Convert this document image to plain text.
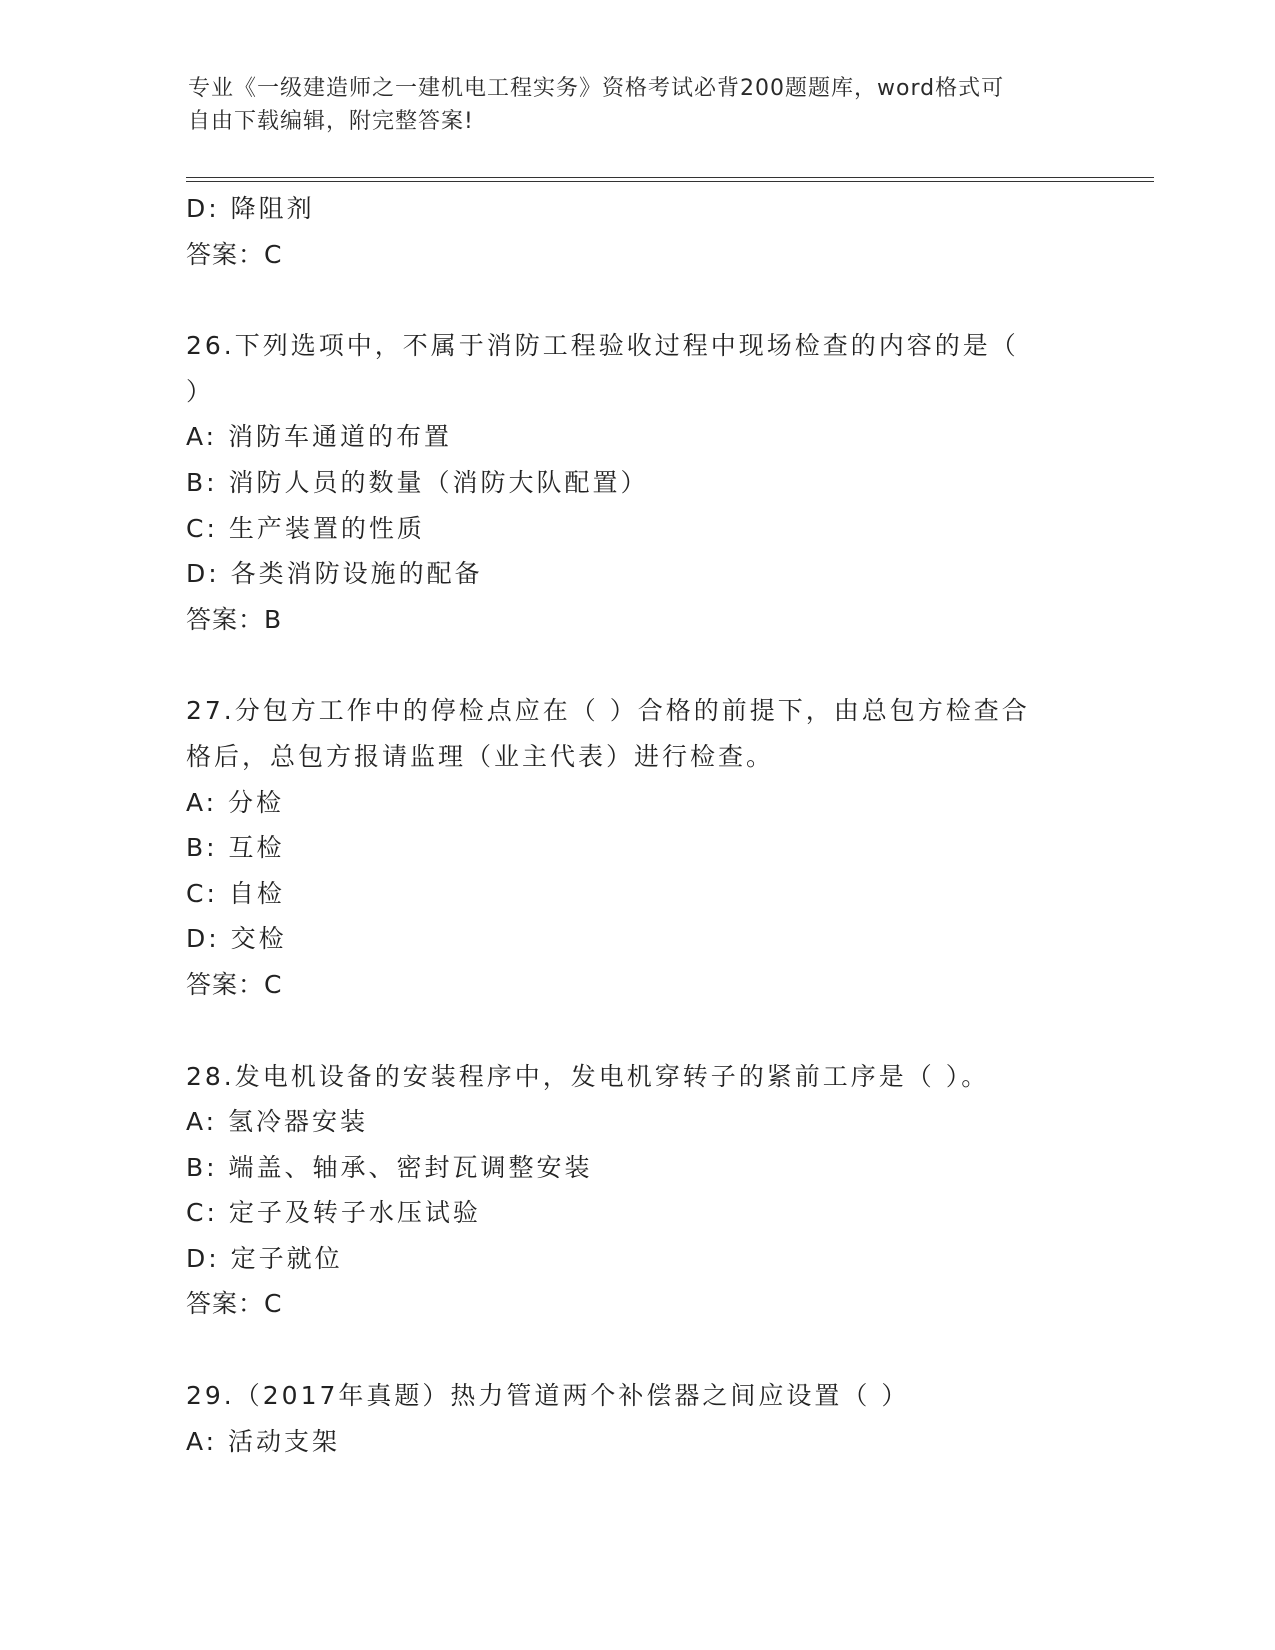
专业《一级建造师之一建机电工程实务》资格考试必背200题题库，word格式可
自由下载编辑，附完整答案!
D: 降阻剂
答案：C
26.下列选项中，不属于消防工程验收过程中现场检查的内容的是（
）
A: 消防车通道的布置
B: 消防人员的数量（消防大队配置）
C: 生产装置的性质
D: 各类消防设施的配备
答案：B
27.分包方工作中的停检点应在（ ）合格的前提下，由总包方检查合
格后，总包方报请监理（业主代表）进行检查。
A: 分检
B: 互检
C: 自检
D: 交检
答案：C
28.发电机设备的安装程序中，发电机穿转子的紧前工序是（ ）。
A: 氢冷器安装
B: 端盖、轴承、密封瓦调整安装
C: 定子及转子水压试验
D: 定子就位
答案：C
29.（2017年真题）热力管道两个补偿器之间应设置（ ）
A: 活动支架
